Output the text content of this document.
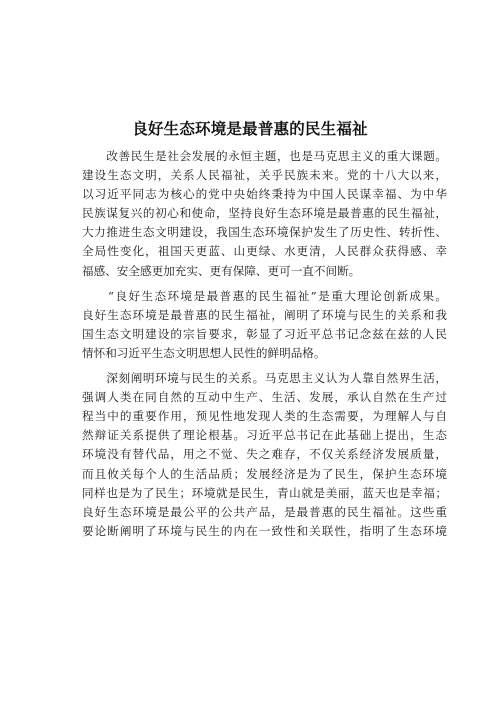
良好生态环境是最普惠的民生福祉
　　改善民生是社会发展的永恒主题，也是马克思主义的重大课题。
建设生态文明，关系人民福祉，关乎民族未来。党的十八大以来，
以习近平同志为核心的党中央始终秉持为中国人民谋幸福、为中华
民族谋复兴的初心和使命，坚持良好生态环境是最普惠的民生福祉，
大力推进生态文明建设，我国生态环境保护发生了历史性、转折性、
全局性变化，祖国天更蓝、山更绿、水更清，人民群众获得感、幸
福感、安全感更加充实、更有保障、更可一直不间断。
　　“良好生态环境是最普惠的民生福祉”是重大理论创新成果。
良好生态环境是最普惠的民生福祉，阐明了环境与民生的关系和我
国生态文明建设的宗旨要求，彰显了习近平总书记念兹在兹的人民
情怀和习近平生态文明思想人民性的鲜明品格。
　　深刻阐明环境与民生的关系。马克思主义认为人靠自然界生活，
强调人类在同自然的互动中生产、生活、发展，承认自然在生产过
程当中的重要作用，预见性地发现人类的生态需要，为理解人与自
然辩证关系提供了理论根基。习近平总书记在此基础上提出，生态
环境没有替代品，用之不觉、失之难存，不仅关系经济发展质量，
而且攸关每个人的生活品质；发展经济是为了民生，保护生态环境
同样也是为了民生；环境就是民生，青山就是美丽，蓝天也是幸福；
良好生态环境是最公平的公共产品，是最普惠的民生福祉。这些重
要论断阐明了环境与民生的内在一致性和关联性，指明了生态环境
